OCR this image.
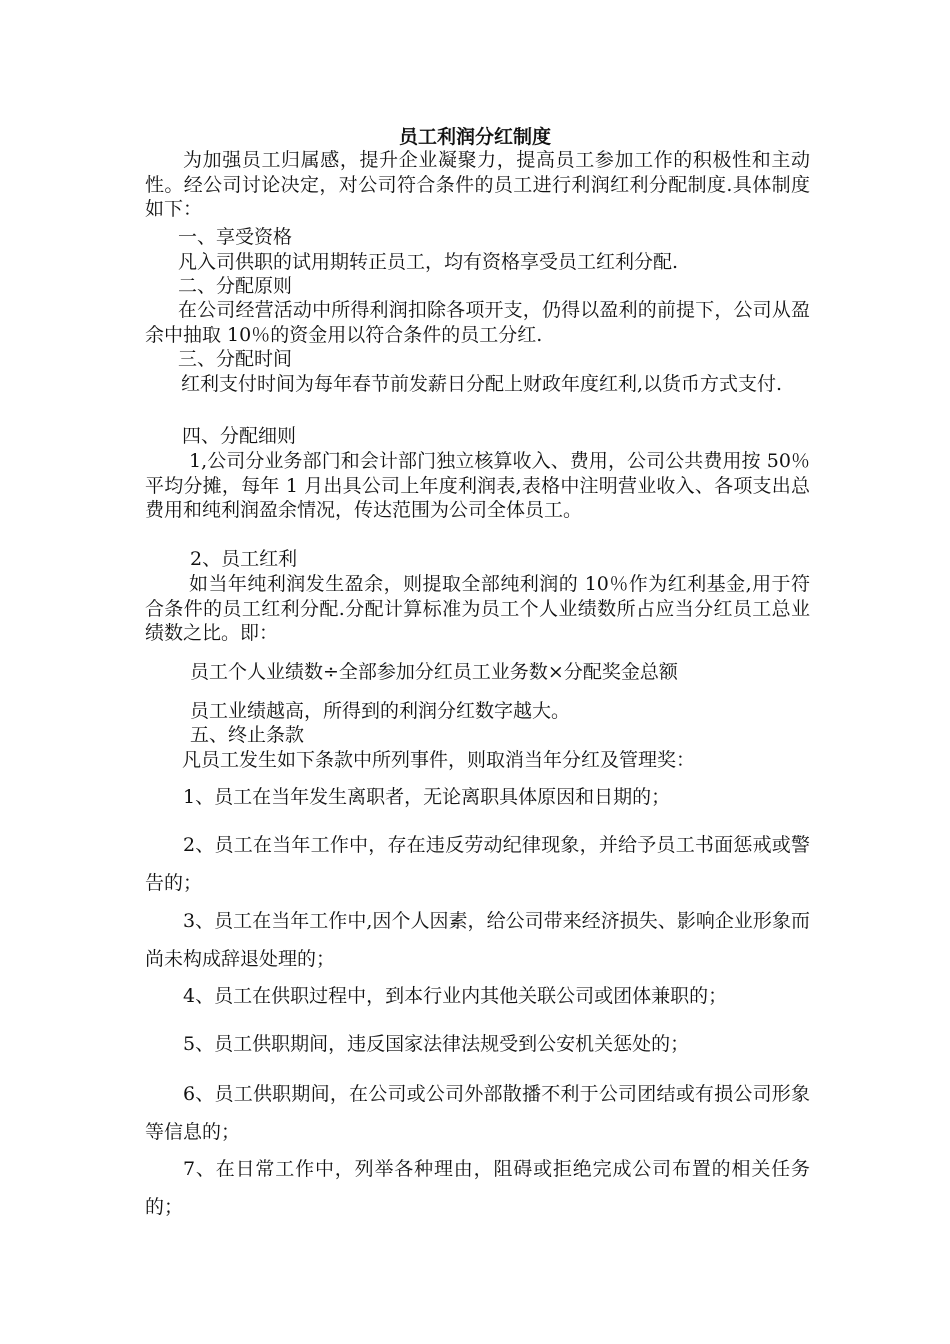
员工利润分红制度
为加强员工归属感，提升企业凝聚力，提高员工参加工作的积极性和主动性。经公司讨论决定，对公司符合条件的员工进行利润红利分配制度.具体制度如下：
一、享受资格
凡入司供职的试用期转正员工，均有资格享受员工红利分配.
二、分配原则
在公司经营活动中所得利润扣除各项开支，仍得以盈利的前提下，公司从盈余中抽取 10％的资金用以符合条件的员工分红.
三、分配时间
红利支付时间为每年春节前发薪日分配上财政年度红利,以货币方式支付.
四、分配细则
1,公司分业务部门和会计部门独立核算收入、费用，公司公共费用按 50％平均分摊，每年 1 月出具公司上年度利润表,表格中注明营业收入、各项支出总费用和纯利润盈余情况，传达范围为公司全体员工。
2、员工红利
如当年纯利润发生盈余，则提取全部纯利润的 10％作为红利基金,用于符合条件的员工红利分配.分配计算标准为员工个人业绩数所占应当分红员工总业绩数之比。即：
员工个人业绩数÷全部参加分红员工业务数×分配奖金总额
员工业绩越高，所得到的利润分红数字越大。
五、终止条款
凡员工发生如下条款中所列事件，则取消当年分红及管理奖：
1、员工在当年发生离职者，无论离职具体原因和日期的；
2、员工在当年工作中，存在违反劳动纪律现象，并给予员工书面惩戒或警告的；
3、员工在当年工作中,因个人因素，给公司带来经济损失、影响企业形象而尚未构成辞退处理的；
4、员工在供职过程中，到本行业内其他关联公司或团体兼职的；
5、员工供职期间，违反国家法律法规受到公安机关惩处的；
6、员工供职期间，在公司或公司外部散播不利于公司团结或有损公司形象等信息的；
7、在日常工作中，列举各种理由，阻碍或拒绝完成公司布置的相关任务的；
